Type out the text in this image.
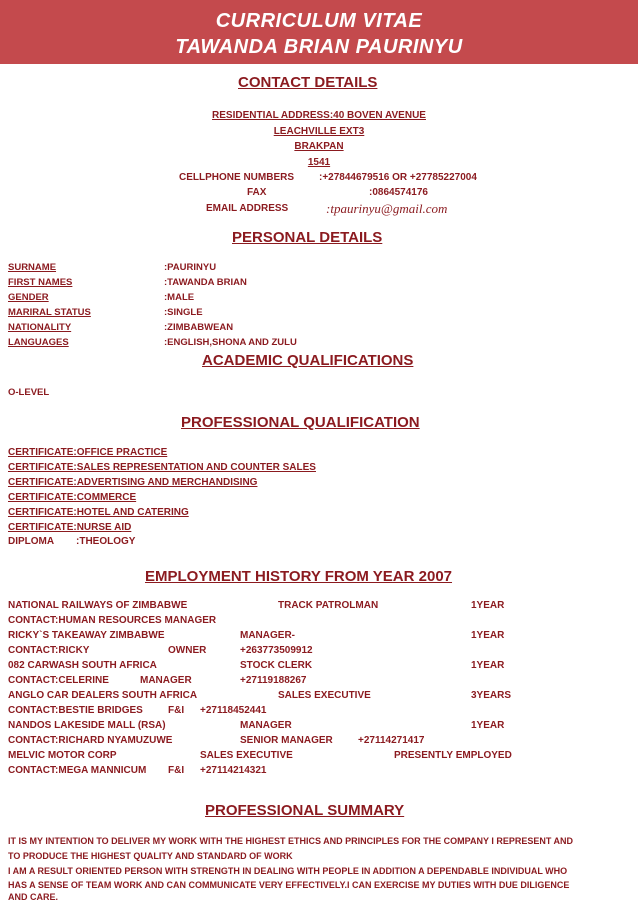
CURRICULUM VITAE
TAWANDA BRIAN PAURINYU
CONTACT DETAILS
RESIDENTIAL ADDRESS:40 BOVEN AVENUE
LEACHVILLE EXT3
BRAKPAN
1541
CELLPHONE NUMBERS :+27844679516 OR +27785227004
FAX	:0864574176
EMAIL ADDRESS	:tpaurinyu@gmail.com
PERSONAL DETAILS
SURNAME	:PAURINYU
FIRST NAMES	:TAWANDA BRIAN
GENDER	:MALE
MARIRAL STATUS	:SINGLE
NATIONALITY	:ZIMBABWEAN
LANGUAGES	:ENGLISH,SHONA AND ZULU
ACADEMIC QUALIFICATIONS
O-LEVEL
PROFESSIONAL QUALIFICATION
CERTIFICATE:OFFICE PRACTICE
CERTIFICATE:SALES REPRESENTATION AND COUNTER SALES
CERTIFICATE:ADVERTISING AND MERCHANDISING
CERTIFICATE:COMMERCE
CERTIFICATE:HOTEL AND CATERING
CERTIFICATE:NURSE AID
DIPLOMA :THEOLOGY
EMPLOYMENT HISTORY FROM YEAR 2007
NATIONAL RAILWAYS OF ZIMBABWE	TRACK PATROLMAN	1YEAR
CONTACT:HUMAN RESOURCES MANAGER
RICKY`S TAKEAWAY ZIMBABWE	MANAGER-	1YEAR
CONTACT:RICKY	OWNER	+263773509912
082 CARWASH SOUTH AFRICA	STOCK CLERK	1YEAR
CONTACT:CELERINE	MANAGER	+27119188267
ANGLO CAR DEALERS SOUTH AFRICA	SALES EXECUTIVE	3YEARS
CONTACT:BESTIE BRIDGES	F&I +27118452441
NANDOS LAKESIDE MALL (RSA)	MANAGER	1YEAR
CONTACT:RICHARD NYAMUZUWE	SENIOR MANAGER	+27114271417
MELVIC MOTOR CORP	SALES EXECUTIVE	PRESENTLY EMPLOYED
CONTACT:MEGA MANNICUM F&I +27114214321
PROFESSIONAL SUMMARY
IT IS MY INTENTION TO DELIVER MY WORK WITH THE HIGHEST ETHICS AND PRINCIPLES FOR THE COMPANY I REPRESENT AND
TO PRODUCE THE HIGHEST QUALITY AND STANDARD OF WORK
I AM A RESULT ORIENTED PERSON WITH STRENGTH IN DEALING WITH PEOPLE IN ADDITION A DEPENDABLE INDIVIDUAL WHO
HAS A SENSE OF TEAM WORK AND CAN COMMUNICATE VERY EFFECTIVELY.I CAN EXERCISE MY DUTIES WITH DUE DILIGENCE
AND CARE.
